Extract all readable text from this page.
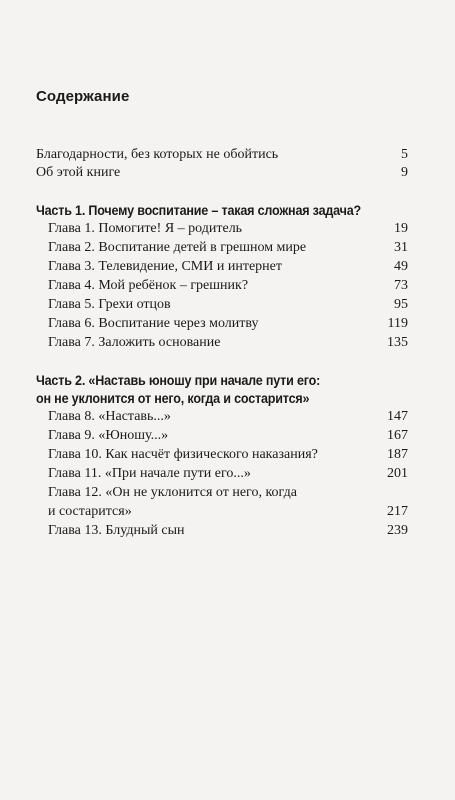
Содержание
Благодарности, без которых не обойтись	5
Об этой книге	9
Часть 1. Почему воспитание – такая сложная задача?
Глава 1. Помогите! Я – родитель	19
Глава 2. Воспитание детей в грешном мире	31
Глава 3. Телевидение, СМИ и интернет	49
Глава 4. Мой ребёнок – грешник?	73
Глава 5. Грехи отцов	95
Глава 6. Воспитание через молитву	119
Глава 7. Заложить основание	135
Часть 2. «Наставь юношу при начале пути его:
он не уклонится от него, когда и состарится»
Глава 8. «Наставь...»	147
Глава 9. «Юношу...»	167
Глава 10. Как насчёт физического наказания?	187
Глава 11. «При начале пути его...»	201
Глава 12. «Он не уклонится от него, когда
и состарится»	217
Глава 13. Блудный сын	239
